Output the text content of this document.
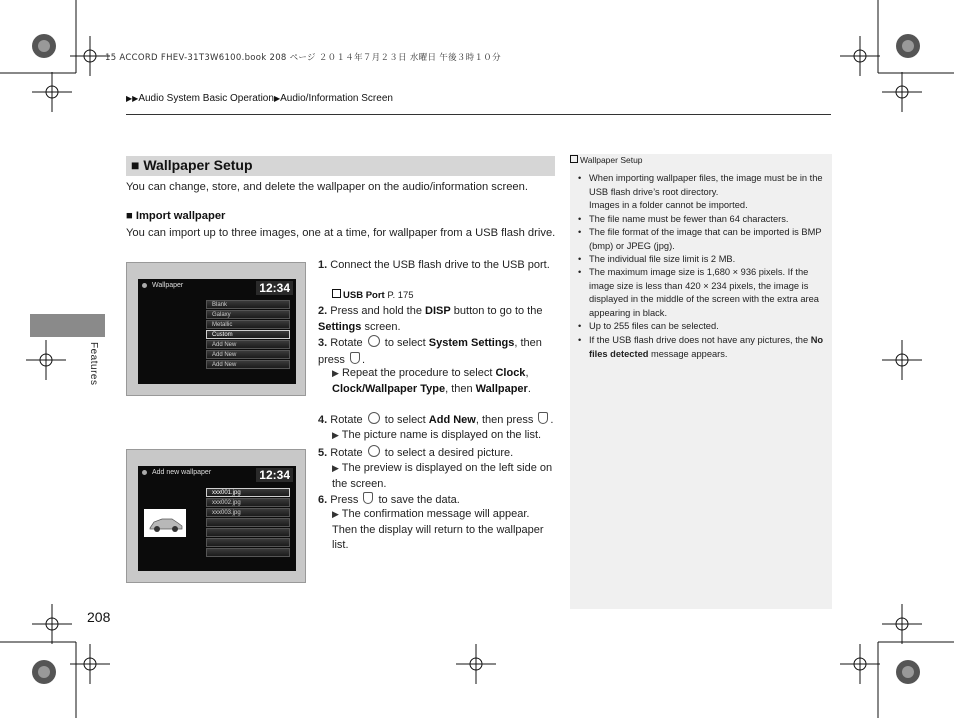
15 ACCORD FHEV-31T3W6100.book 208 ページ ２０１４年７月２３日 水曜日 午後３時１０分
▶▶Audio System Basic Operation▶Audio/Information Screen
Features
■ Wallpaper Setup
You can change, store, and delete the wallpaper on the audio/information screen.
■ Import wallpaper
You can import up to three images, one at a time, for wallpaper from a USB flash drive.
Wallpaper	12:34
Blank
Galaxy
Metallic
Custom
Add New
Add New
Add New
Add new wallpaper	12:34
xxx001.jpg
xxx002.jpg
xxx003.jpg
1. Connect the USB flash drive to the USB port.
USB Port P. 175
2. Press and hold the DISP button to go to the Settings screen.
3. Rotate  to select System Settings, then press .
▶ Repeat the procedure to select Clock, Clock/Wallpaper Type, then Wallpaper.
4. Rotate  to select Add New, then press .
▶ The picture name is displayed on the list.
5. Rotate  to select a desired picture.
▶ The preview is displayed on the left side on the screen.
6. Press  to save the data.
▶ The confirmation message will appear. Then the display will return to the wallpaper list.
Wallpaper Setup
• When importing wallpaper files, the image must be in the USB flash drive’s root directory.
Images in a folder cannot be imported.
• The file name must be fewer than 64 characters.
• The file format of the image that can be imported is BMP (bmp) or JPEG (jpg).
• The individual file size limit is 2 MB.
• The maximum image size is 1,680 × 936 pixels. If the image size is less than 420 × 234 pixels, the image is displayed in the middle of the screen with the extra area appearing in black.
• Up to 255 files can be selected.
• If the USB flash drive does not have any pictures, the No files detected message appears.
208
